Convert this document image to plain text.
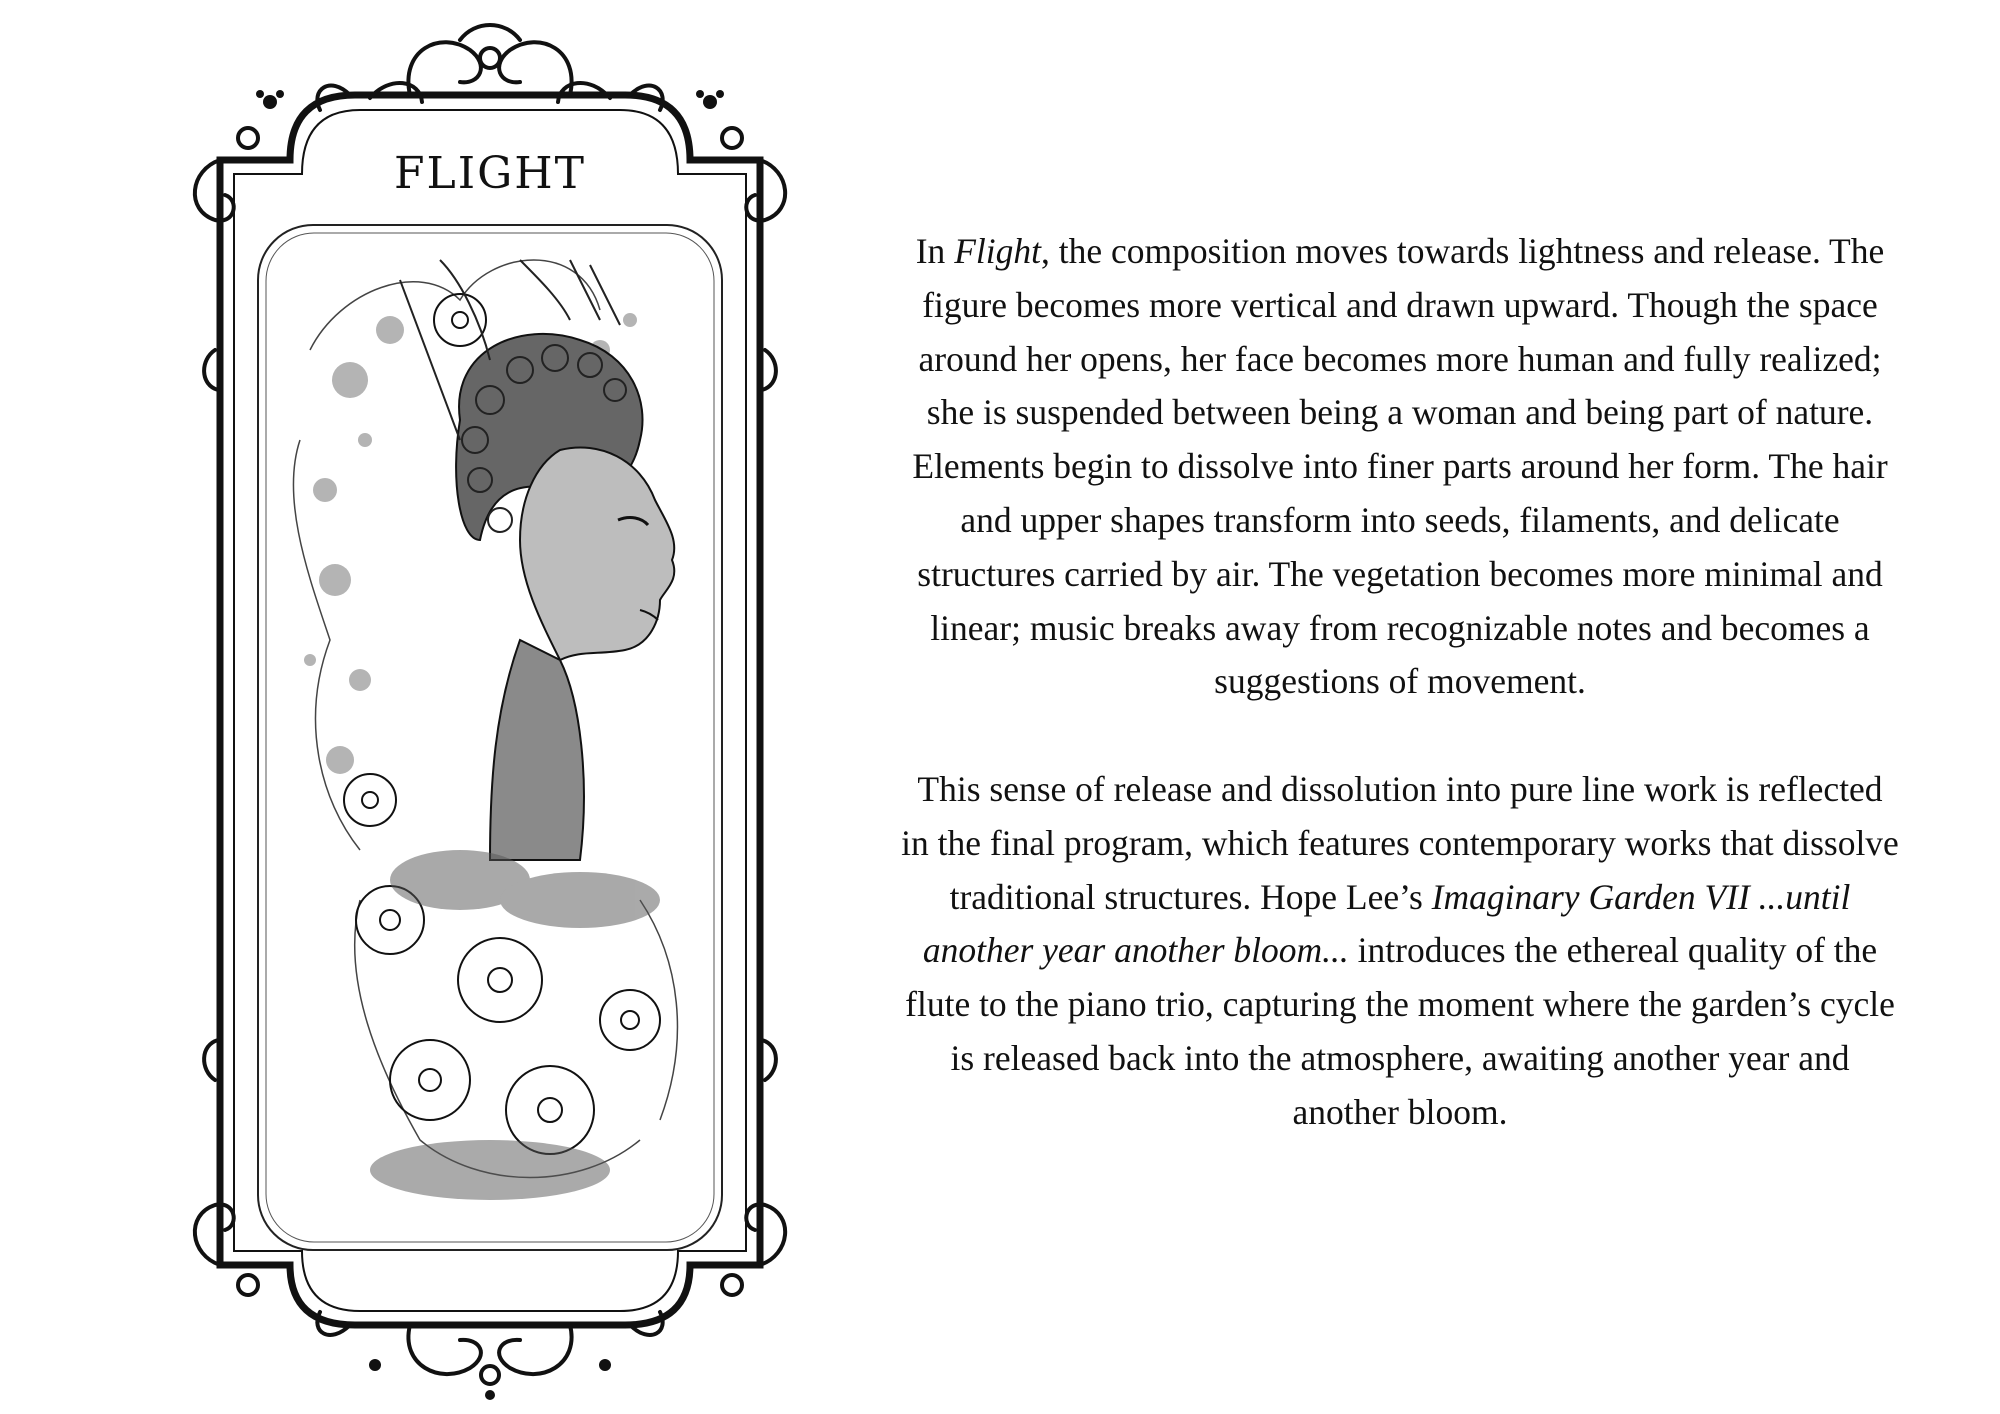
FLIGHT

In Flight, the composition moves towards lightness and release. The figure becomes more vertical and drawn upward. Though the space around her opens, her face becomes more human and fully realized; she is suspended between being a woman and being part of nature. Elements begin to dissolve into finer parts around her form. The hair and upper shapes transform into seeds, filaments, and delicate structures carried by air. The vegetation becomes more minimal and linear; music breaks away from recognizable notes and becomes a suggestions of movement.

This sense of release and dissolution into pure line work is reflected in the final program, which features contemporary works that dissolve traditional structures. Hope Lee’s Imaginary Garden VII ...until another year another bloom... introduces the ethereal quality of the flute to the piano trio, capturing the moment where the garden’s cycle is released back into the atmosphere, awaiting another year and another bloom.
